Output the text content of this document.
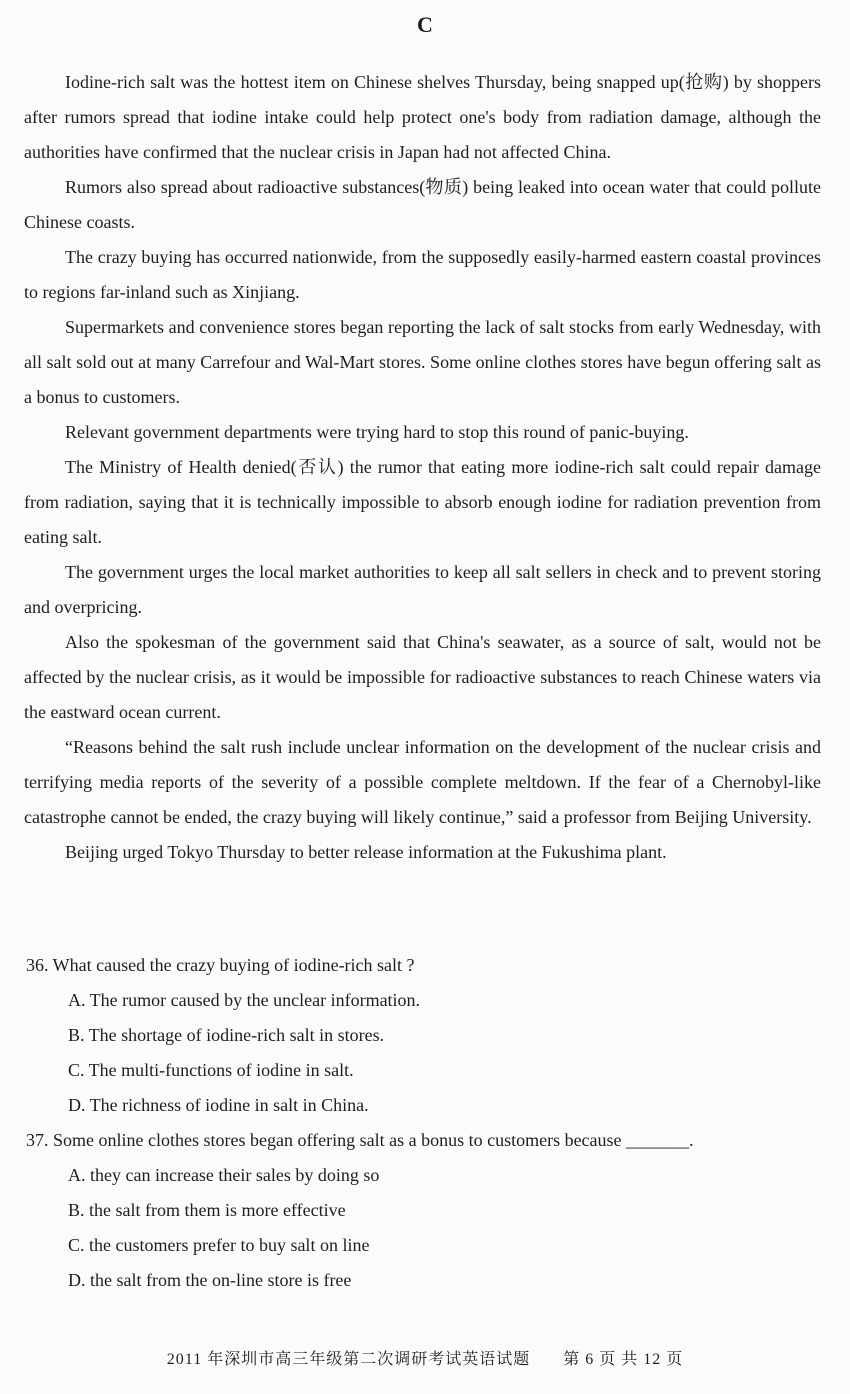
C

Iodine-rich salt was the hottest item on Chinese shelves Thursday, being snapped up(抢购) by shoppers after rumors spread that iodine intake could help protect one's body from radiation damage, although the authorities have confirmed that the nuclear crisis in Japan had not affected China.

Rumors also spread about radioactive substances(物质) being leaked into ocean water that could pollute Chinese coasts.

The crazy buying has occurred nationwide, from the supposedly easily-harmed eastern coastal provinces to regions far-inland such as Xinjiang.

Supermarkets and convenience stores began reporting the lack of salt stocks from early Wednesday, with all salt sold out at many Carrefour and Wal-Mart stores. Some online clothes stores have begun offering salt as a bonus to customers.

Relevant government departments were trying hard to stop this round of panic-buying.

The Ministry of Health denied(否认) the rumor that eating more iodine-rich salt could repair damage from radiation, saying that it is technically impossible to absorb enough iodine for radiation prevention from eating salt.

The government urges the local market authorities to keep all salt sellers in check and to prevent storing and overpricing.

Also the spokesman of the government said that China's seawater, as a source of salt, would not be affected by the nuclear crisis, as it would be impossible for radioactive substances to reach Chinese waters via the eastward ocean current.

“Reasons behind the salt rush include unclear information on the development of the nuclear crisis and terrifying media reports of the severity of a possible complete meltdown. If the fear of a Chernobyl-like catastrophe cannot be ended, the crazy buying will likely continue,” said a professor from Beijing University.

Beijing urged Tokyo Thursday to better release information at the Fukushima plant.

36. What caused the crazy buying of iodine-rich salt ?

A. The rumor caused by the unclear information.

B. The shortage of iodine-rich salt in stores.

C. The multi-functions of iodine in salt.

D. The richness of iodine in salt in China.

37. Some online clothes stores began offering salt as a bonus to customers because _______.

A. they can increase their sales by doing so

B. the salt from them is more effective

C. the customers prefer to buy salt on line

D. the salt from the on-line store is free

2011 年深圳市高三年级第二次调研考试英语试题 第 6 页 共 12 页
